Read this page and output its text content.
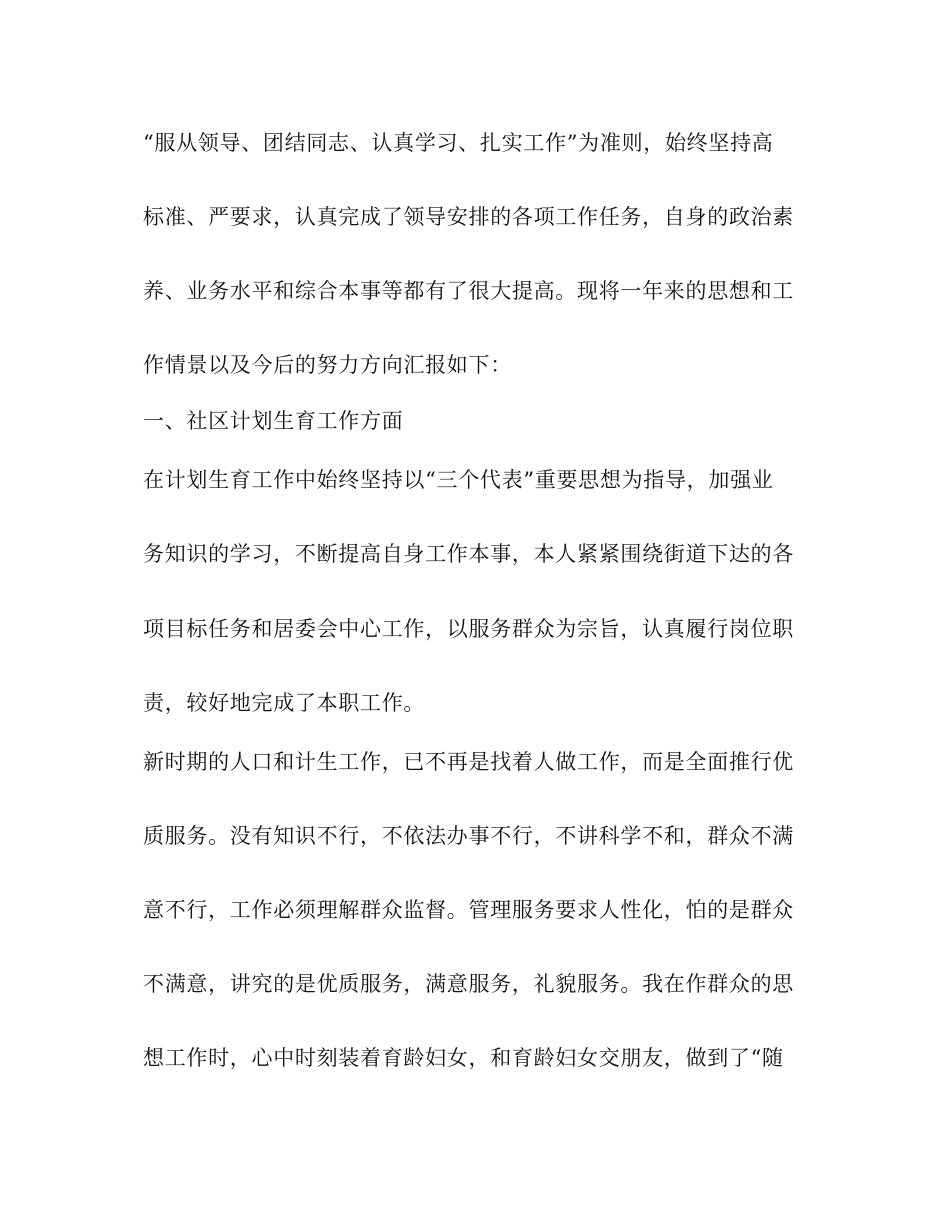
“服从领导、团结同志、认真学习、扎实工作”为准则，始终坚持高

标准、严要求，认真完成了领导安排的各项工作任务，自身的政治素

养、业务水平和综合本事等都有了很大提高。现将一年来的思想和工

作情景以及今后的努力方向汇报如下：

一、社区计划生育工作方面

在计划生育工作中始终坚持以“三个代表”重要思想为指导，加强业

务知识的学习，不断提高自身工作本事，本人紧紧围绕街道下达的各

项目标任务和居委会中心工作，以服务群众为宗旨，认真履行岗位职

责，较好地完成了本职工作。

新时期的人口和计生工作，已不再是找着人做工作，而是全面推行优

质服务。没有知识不行，不依法办事不行，不讲科学不和，群众不满

意不行，工作必须理解群众监督。管理服务要求人性化，怕的是群众

不满意，讲究的是优质服务，满意服务，礼貌服务。我在作群众的思

想工作时，心中时刻装着育龄妇女，和育龄妇女交朋友，做到了“随
